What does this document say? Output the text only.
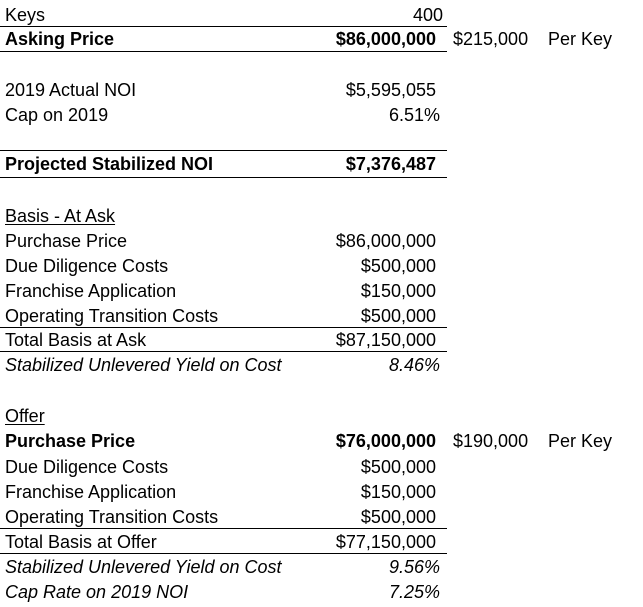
Keys	400
Asking Price	$86,000,000 $215,000 Per Key
2019 Actual NOI	$5,595,055
Cap on 2019	6.51%
Projected Stabilized NOI	$7,376,487
Basis - At Ask
Purchase Price	$86,000,000
Due Diligence Costs	$500,000
Franchise Application	$150,000
Operating Transition Costs	$500,000
Total Basis at Ask	$87,150,000
Stabilized Unlevered Yield on Cost	8.46%
Offer
Purchase Price	$76,000,000 $190,000 Per Key
Due Diligence Costs	$500,000
Franchise Application	$150,000
Operating Transition Costs	$500,000
Total Basis at Offer	$77,150,000
Stabilized Unlevered Yield on Cost	9.56%
Cap Rate on 2019 NOI	7.25%
